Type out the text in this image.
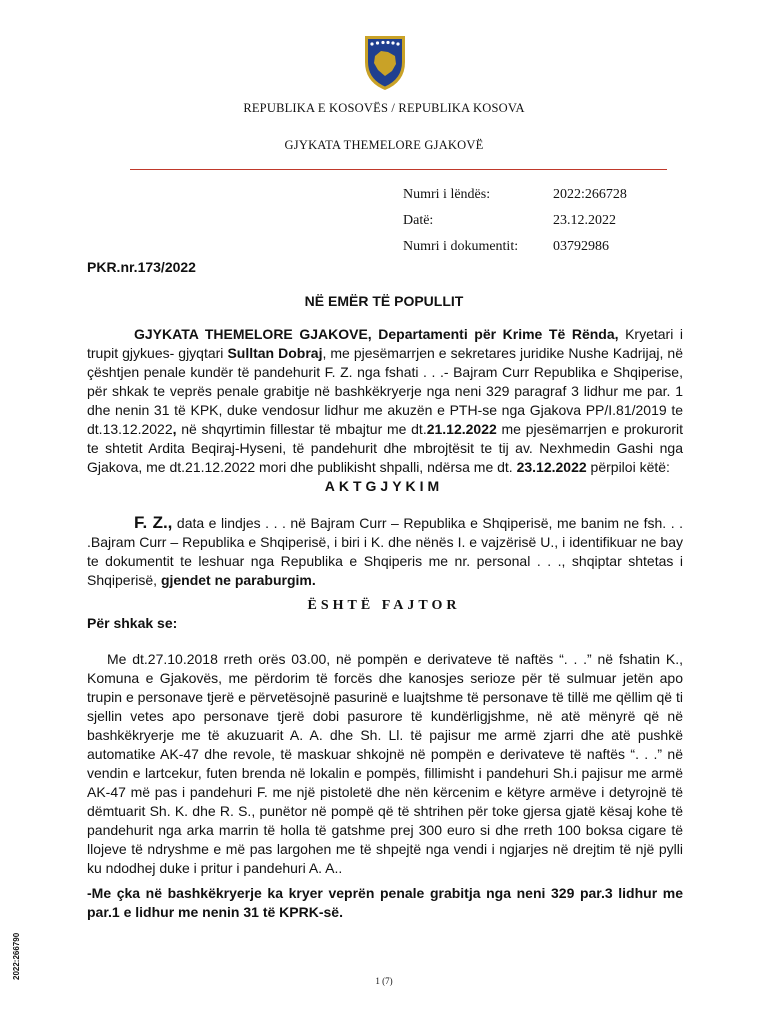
REPUBLIKA E KOSOVËS / REPUBLIKA KOSOVA
GJYKATA THEMELORE GJAKOVË
Numri i lëndës:	2022:266728
Datë:	23.12.2022
Numri i dokumentit:	03792986
PKR.nr.173/2022
NË EMËR TË POPULLIT
GJYKATA THEMELORE GJAKOVE, Departamenti për Krime Të Rënda, Kryetari i trupit gjykues- gjyqtari Sulltan Dobraj, me pjesëmarrjen e sekretares juridike Nushe Kadrijaj, në çështjen penale kundër të pandehurit F. Z. nga fshati . . .- Bajram Curr Republika e Shqiperise, për shkak te veprës penale grabitje në bashkëkryerje nga neni 329 paragraf 3 lidhur me par. 1 dhe nenin 31 të KPK, duke vendosur lidhur me akuzën e PTH-se nga Gjakova PP/I.81/2019 te dt.13.12.2022, në shqyrtimin fillestar të mbajtur me dt.21.12.2022 me pjesëmarrjen e prokurorit te shtetit Ardita Beqiraj-Hyseni, të pandehurit dhe mbrojtësit te tij av. Nexhmedin Gashi nga Gjakova, me dt.21.12.2022 mori dhe publikisht shpalli, ndërsa me dt. 23.12.2022 përpiloi këtë:
AKTGJYKIM
F. Z., data e lindjes . . . në Bajram Curr – Republika e Shqiperisë, me banim ne fsh. . . .Bajram Curr – Republika e Shqiperisë, i biri i K. dhe nënës I. e vajzërisë U., i identifikuar ne bay te dokumentit te leshuar nga Republika e Shqiperis me nr. personal . . ., shqiptar shtetas i Shqiperisë, gjendet ne paraburgim.
ËSHTË FAJTOR
Për shkak se:
Me dt.27.10.2018 rreth orës 03.00, në pompën e derivateve të naftës “. . .” në fshatin K., Komuna e Gjakovës, me përdorim të forcës dhe kanosjes serioze për të sulmuar jetën apo trupin e personave tjerë e përvetësojnë pasurinë e luajtshme të personave të tillë me qëllim që ti sjellin vetes apo personave tjerë dobi pasurore të kundërligjshme, në atë mënyrë që në bashkëkryerje me të akuzuarit A. A. dhe Sh. Ll. të pajisur me armë zjarri dhe atë pushkë automatike AK-47 dhe revole, të maskuar shkojnë në pompën e derivateve të naftës “. . .” në vendin e lartcekur, futen brenda në lokalin e pompës, fillimisht i pandehuri Sh.i pajisur me armë AK-47 më pas i pandehuri F. me një pistoletë dhe nën kërcenim e këtyre armëve i detyrojnë të dëmtuarit Sh. K. dhe R. S., punëtor në pompë që të shtrihen për toke gjersa gjatë kësaj kohe të pandehurit nga arka marrin të holla të gatshme prej 300 euro si dhe rreth 100 boksa cigare të llojeve të ndryshme e më pas largohen me të shpejtë nga vendi i ngjarjes në drejtim të një pylli ku ndodhej duke i pritur i pandehuri A. A..
-Me çka në bashkëkryerje ka kryer veprën penale grabitja nga neni 329 par.3 lidhur me par.1 e lidhur me nenin 31 të KPRK-së.
1 (7)
2022:266790
